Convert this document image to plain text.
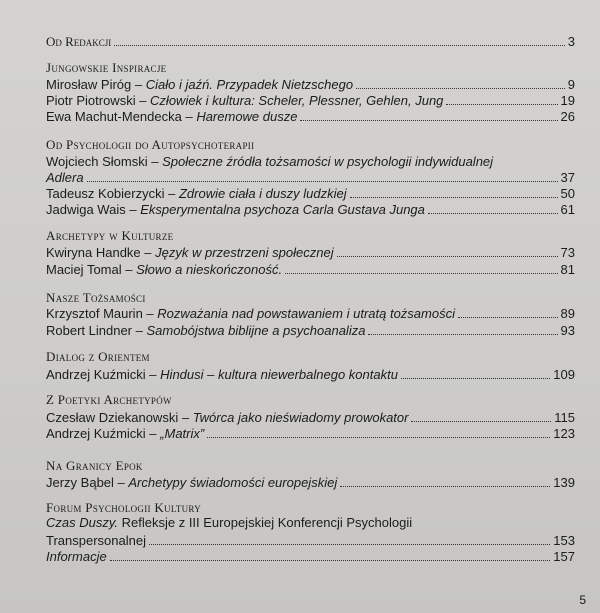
Od Redakcji	3
Jungowskie Inspiracje
Mirosław Piróg – Ciało i jaźń. Przypadek Nietzschego	9
Piotr Piotrowski – Człowiek i kultura: Scheler, Plessner, Gehlen, Jung	19
Ewa Machut-Mendecka – Haremowe dusze	26
Od Psychologii do Autopsychoterapii
Wojciech Słomski – Społeczne źródła tożsamości w psychologii indywidualnej
Adlera	37
Tadeusz Kobierzycki – Zdrowie ciała i duszy ludzkiej	50
Jadwiga Wais – Eksperymentalna psychoza Carla Gustava Junga	61
Archetypy w Kulturze
Kwiryna Handke – Język w przestrzeni społecznej	73
Maciej Tomal – Słowo a nieskończoność.	81
Nasze Tożsamości
Krzysztof Maurin – Rozważania nad powstawaniem i utratą tożsamości	89
Robert Lindner – Samobójstwa biblijne a psychoanaliza	93
Dialog z Orientem
Andrzej Kuźmicki – Hindusi – kultura niewerbalnego kontaktu	109
Z Poetyki Archetypów
Czesław Dziekanowski – Twórca jako nieświadomy prowokator	115
Andrzej Kuźmicki – „Matrix”	123
Na Granicy Epok
Jerzy Bąbel – Archetypy świadomości europejskiej	139
Forum Psychologii Kultury
Czas Duszy. Refleksje z III Europejskiej Konferencji Psychologii
Transpersonalnej	153
Informacje	157
5
